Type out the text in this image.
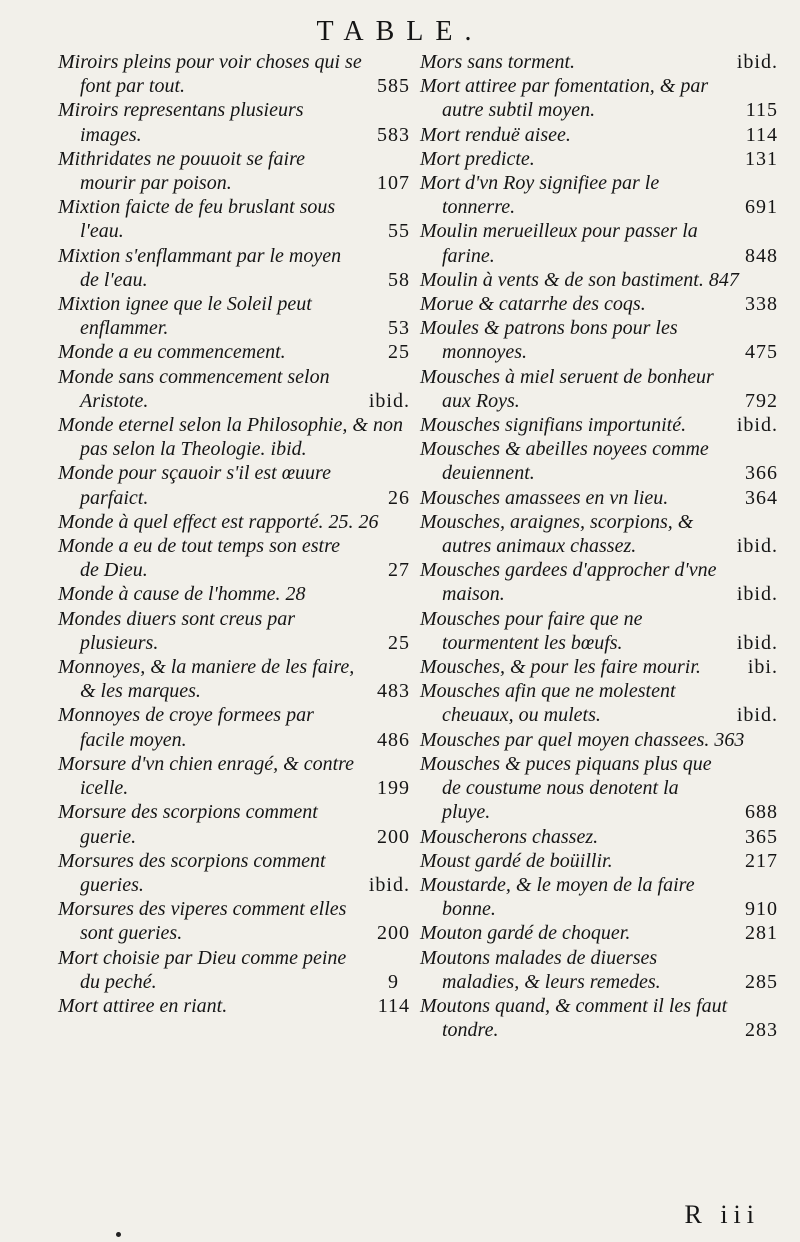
TABLE.

Miroirs pleins pour voir choses qui se font par tout.	585

Miroirs representans plusieurs images.	583

Mithridates ne pouuoit se faire mourir par poison.	107

Mixtion faicte de feu bruslant sous l'eau.	55

Mixtion s'enflammant par le moyen de l'eau.	58

Mixtion ignee que le Soleil peut enflammer.	53

Monde a eu commencement.	25

Monde sans commencement selon Aristote.	ibid.

Monde eternel selon la Philosophie, & non pas selon la Theologie. ibid.

Monde pour sçauoir s'il est œuure parfaict.	26

Monde à quel effect est rapporté. 25. 26

Monde a eu de tout temps son estre de Dieu.	27

Monde à cause de l'homme. 28

Mondes diuers sont creus par plusieurs.	25

Monnoyes, & la maniere de les faire, & les marques.	483

Monnoyes de croye formees par facile moyen.	486

Morsure d'vn chien enragé, & contre icelle.	199

Morsure des scorpions comment guerie.	200

Morsures des scorpions comment gueries.	ibid.

Morsures des viperes comment elles sont gueries.	200

Mort choisie par Dieu comme peine du peché.	9

Mort attiree en riant.	114

Mors sans torment.	ibid.

Mort attiree par fomentation, & par autre subtil moyen.	115

Mort renduë aisee.	114

Mort predicte.	131

Mort d'vn Roy signifiee par le tonnerre.	691

Moulin merueilleux pour passer la farine.	848

Moulin à vents & de son bastiment. 847

Morue & catarrhe des coqs.	338

Moules & patrons bons pour les monnoyes.	475

Mousches à miel seruent de bonheur aux Roys.	792

Mousches signifians importunité.	ibid.

Mousches & abeilles noyees comme deuiennent.	366

Mousches amassees en vn lieu.	364

Mousches, araignes, scorpions, & autres animaux chassez.	ibid.

Mousches gardees d'approcher d'vne maison.	ibid.

Mousches pour faire que ne tourmentent les bœufs.	ibid.

Mousches, & pour les faire mourir. ibi.

Mousches afin que ne molestent cheuaux, ou mulets.	ibid.

Mousches par quel moyen chassees. 363

Mousches & puces piquans plus que de coustume nous denotent la pluye.	688

Mouscherons chassez.	365

Moust gardé de boüillir.	217

Moustarde, & le moyen de la faire bonne.	910

Mouton gardé de choquer.	281

Moutons malades de diuerses maladies, & leurs remedes.	285

Moutons quand, & comment il les faut tondre.	283

R iii
